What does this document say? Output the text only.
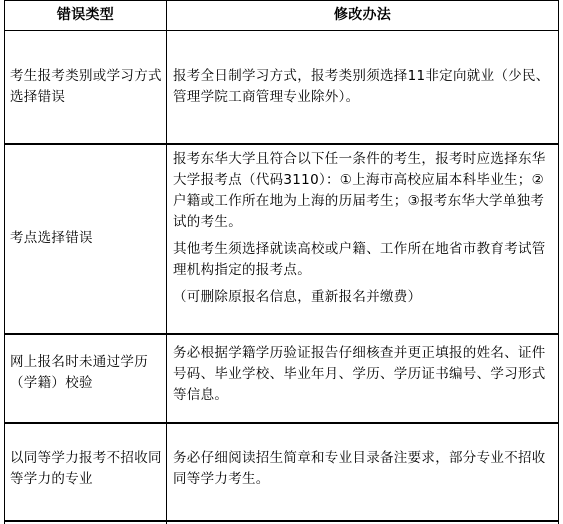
错误类型	修改办法

考生报考类别或学习方式选择错误

报考全日制学习方式，报考类别须选择11非定向就业（少民、管理学院工商管理专业除外）。

考点选择错误

报考东华大学且符合以下任一条件的考生，报考时应选择东华大学报考点（代码3110）：①上海市高校应届本科毕业生；②户籍或工作所在地为上海的历届考生；③报考东华大学单独考试的考生。

其他考生须选择就读高校或户籍、工作所在地省市教育考试管理机构指定的报考点。

（可删除原报名信息，重新报名并缴费）

网上报名时未通过学历（学籍）校验

务必根据学籍学历验证报告仔细核查并更正填报的姓名、证件号码、毕业学校、毕业年月、学历、学历证书编号、学习形式等信息。

以同等学力报考不招收同等学力的专业

务必仔细阅读招生简章和专业目录备注要求，部分专业不招收同等学力考生。
